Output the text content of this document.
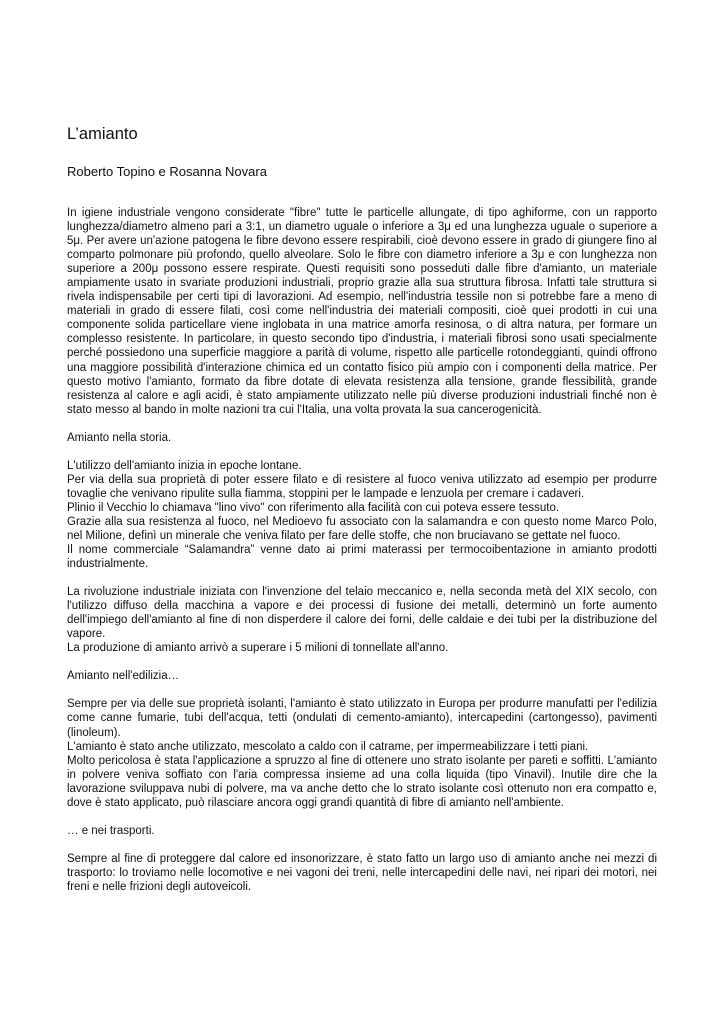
L’amianto
Roberto Topino e Rosanna Novara

In igiene industriale vengono considerate "fibre" tutte le particelle allungate, di tipo aghiforme, con un rapporto lunghezza/diametro almeno pari a 3:1, un diametro uguale o inferiore a 3μ ed una lunghezza uguale o superiore a 5μ. Per avere un'azione patogena le fibre devono essere respirabili, cioè devono essere in grado di giungere fino al comparto polmonare più profondo, quello alveolare. Solo le fibre con diametro inferiore a 3μ e con lunghezza non superiore a 200μ possono essere respirate. Questi requisiti sono posseduti dalle fibre d'amianto, un materiale ampiamente usato in svariate produzioni industriali, proprio grazie alla sua struttura fibrosa. Infatti tale struttura si rivela indispensabile per certi tipi di lavorazioni. Ad esempio, nell'industria tessile non si potrebbe fare a meno di materiali in grado di essere filati, così come nell'industria dei materiali compositi, cioè quei prodotti in cui una componente solida particellare viene inglobata in una matrice amorfa resinosa, o di altra natura, per formare un complesso resistente. In particolare, in questo secondo tipo d'industria, i materiali fibrosi sono usati specialmente perché possiedono una superficie maggiore a parità di volume, rispetto alle particelle rotondeggianti, quindi offrono una maggiore possibilità d'interazione chimica ed un contatto fisico più ampio con i componenti della matrice. Per questo motivo l'amianto, formato da fibre dotate di elevata resistenza alla tensione, grande flessibilità, grande resistenza al calore e agli acidi, è stato ampiamente utilizzato nelle più diverse produzioni industriali finché non è stato messo al bando in molte nazioni tra cui l'Italia, una volta provata la sua cancerogenicità.

Amianto nella storia.

L'utilizzo dell'amianto inizia in epoche lontane.

Per via della sua proprietà di poter essere filato e di resistere al fuoco veniva utilizzato ad esempio per produrre tovaglie che venivano ripulite sulla fiamma, stoppini per le lampade e lenzuola per cremare i cadaveri.

Plinio il Vecchio lo chiamava "lino vivo" con riferimento alla facilità con cui poteva essere tessuto.

Grazie alla sua resistenza al fuoco, nel Medioevo fu associato con la salamandra e con questo nome Marco Polo, nel Milione, definì un minerale che veniva filato per fare delle stoffe, che non bruciavano se gettate nel fuoco.

Il nome commerciale “Salamandra” venne dato ai primi materassi per termocoibentazione in amianto prodotti industrialmente.

La rivoluzione industriale iniziata con l'invenzione del telaio meccanico e, nella seconda metà del XIX secolo, con l'utilizzo diffuso della macchina a vapore e dei processi di fusione dei metalli, determinò un forte aumento dell'impiego dell'amianto al fine di non disperdere il calore dei forni, delle caldaie e dei tubi per la distribuzione del vapore.

La produzione di amianto arrivò a superare i 5 milioni di tonnellate all'anno.

Amianto nell'edilizia…

Sempre per via delle sue proprietà isolanti, l'amianto è stato utilizzato in Europa per produrre manufatti per l'edilizia come canne fumarie, tubi dell'acqua, tetti (ondulati di cemento-amianto), intercapedini (cartongesso), pavimenti (linoleum).

L'amianto è stato anche utilizzato, mescolato a caldo con il catrame, per impermeabilizzare i tetti piani.

Molto pericolosa è stata l'applicazione a spruzzo al fine di ottenere uno strato isolante per pareti e soffitti. L'amianto in polvere veniva soffiato con l'aria compressa insieme ad una colla liquida (tipo Vinavil). Inutile dire che la lavorazione sviluppava nubi di polvere, ma va anche detto che lo strato isolante così ottenuto non era compatto e, dove è stato applicato, può rilasciare ancora oggi grandi quantità di fibre di amianto nell'ambiente.

… e nei trasporti.

Sempre al fine di proteggere dal calore ed insonorizzare, è stato fatto un largo uso di amianto anche nei mezzi di trasporto: lo troviamo nelle locomotive e nei vagoni dei treni, nelle intercapedini delle navi, nei ripari dei motori, nei freni e nelle frizioni degli autoveicoli.
